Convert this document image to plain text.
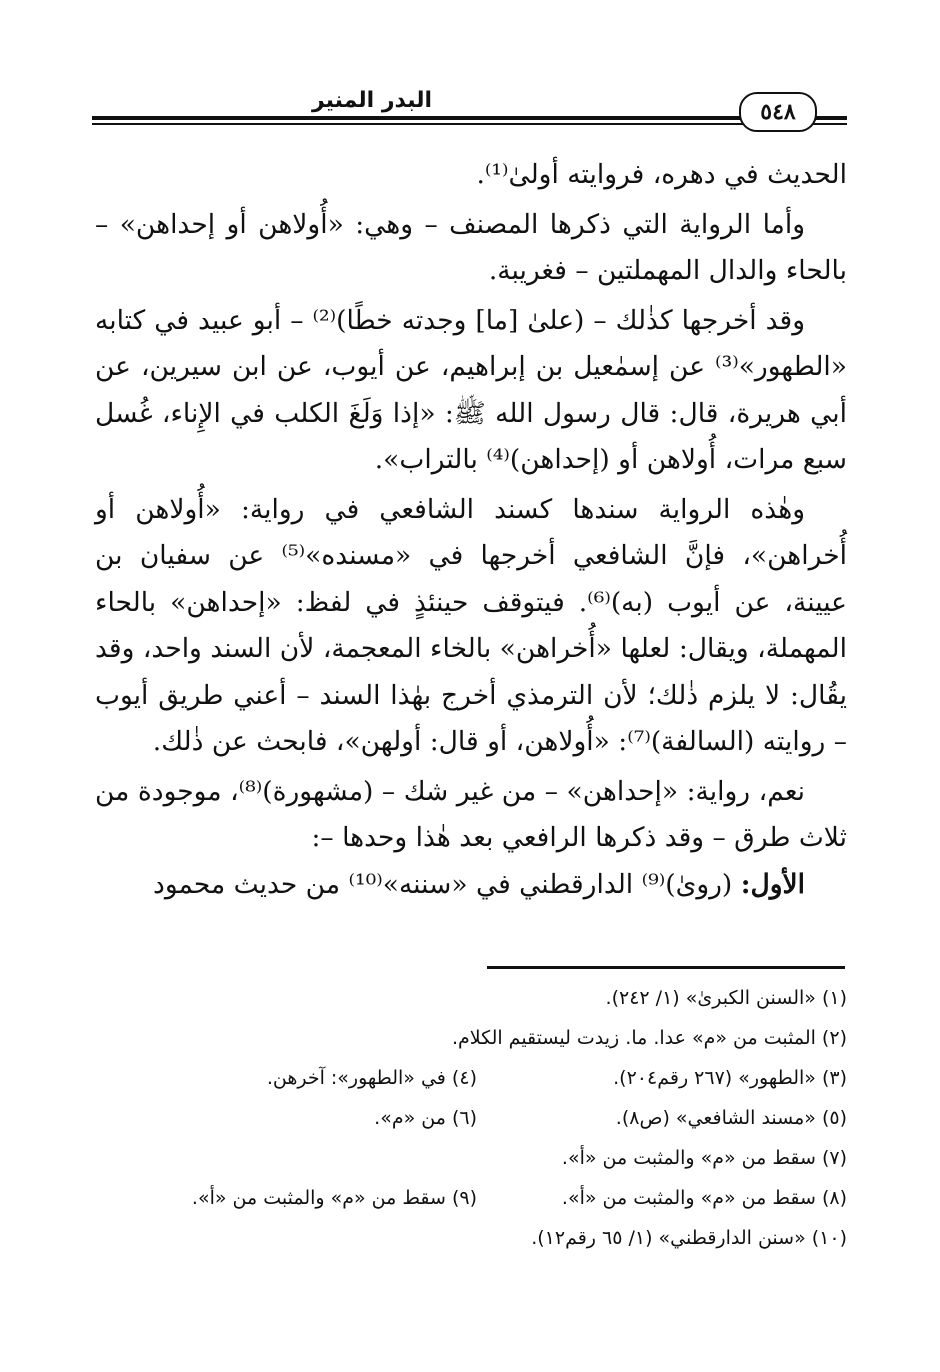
البدر المنير	٥٤٨

الحديث في دهره، فروايته أولىٰ⁽¹⁾.

وأما الرواية التي ذكرها المصنف – وهي: «أُولاهن أو إحداهن» – بالحاء والدال المهملتين – فغريبة.

وقد أخرجها كذٰلك – (علىٰ [ما] وجدته خطًا)⁽²⁾ – أبو عبيد في كتابه «الطهور»⁽³⁾ عن إسمٰعيل بن إبراهيم، عن أيوب، عن ابن سيرين، عن أبي هريرة، قال: قال رسول الله ﷺ: «إذا وَلَغَ الكلب في الإِناء، غُسل سبع مرات، أُولاهن أو (إحداهن)⁽⁴⁾ بالتراب».

وهٰذه الرواية سندها كسند الشافعي في رواية: «أُولاهن أو أُخراهن»، فإنَّ الشافعي أخرجها في «مسنده»⁽⁵⁾ عن سفيان بن عيينة، عن أيوب (به)⁽⁶⁾. فيتوقف حينئذٍ في لفظ: «إحداهن» بالحاء المهملة، ويقال: لعلها «أُخراهن» بالخاء المعجمة، لأن السند واحد، وقد يقُال: لا يلزم ذٰلك؛ لأن الترمذي أخرج بهٰذا السند – أعني طريق أيوب – روايته (السالفة)⁽⁷⁾: «أُولاهن، أو قال: أولهن»، فابحث عن ذٰلك.

نعم، رواية: «إحداهن» – من غير شك – (مشهورة)⁽⁸⁾، موجودة من ثلاث طرق – وقد ذكرها الرافعي بعد هٰذا وحدها –:

الأول: (رویٰ)⁽⁹⁾ الدارقطني في «سننه»⁽¹⁰⁾ من حديث محمود

(١) «السنن الكبرىٰ» (١/ ٢٤٢).
(٢) المثبت من «م» عدا. ما. زيدت ليستقيم الكلام.
(٣) «الطهور» (٢٦٧ رقم٢٠٤).
(٤) في «الطهور»: آخرهن.
(٥) «مسند الشافعي» (ص٨).
(٦) من «م».
(٧) سقط من «م» والمثبت من «أ».
(٨) سقط من «م» والمثبت من «أ».
(٩) سقط من «م» والمثبت من «أ».
(١٠) «سنن الدارقطني» (١/ ٦٥ رقم١٢).
